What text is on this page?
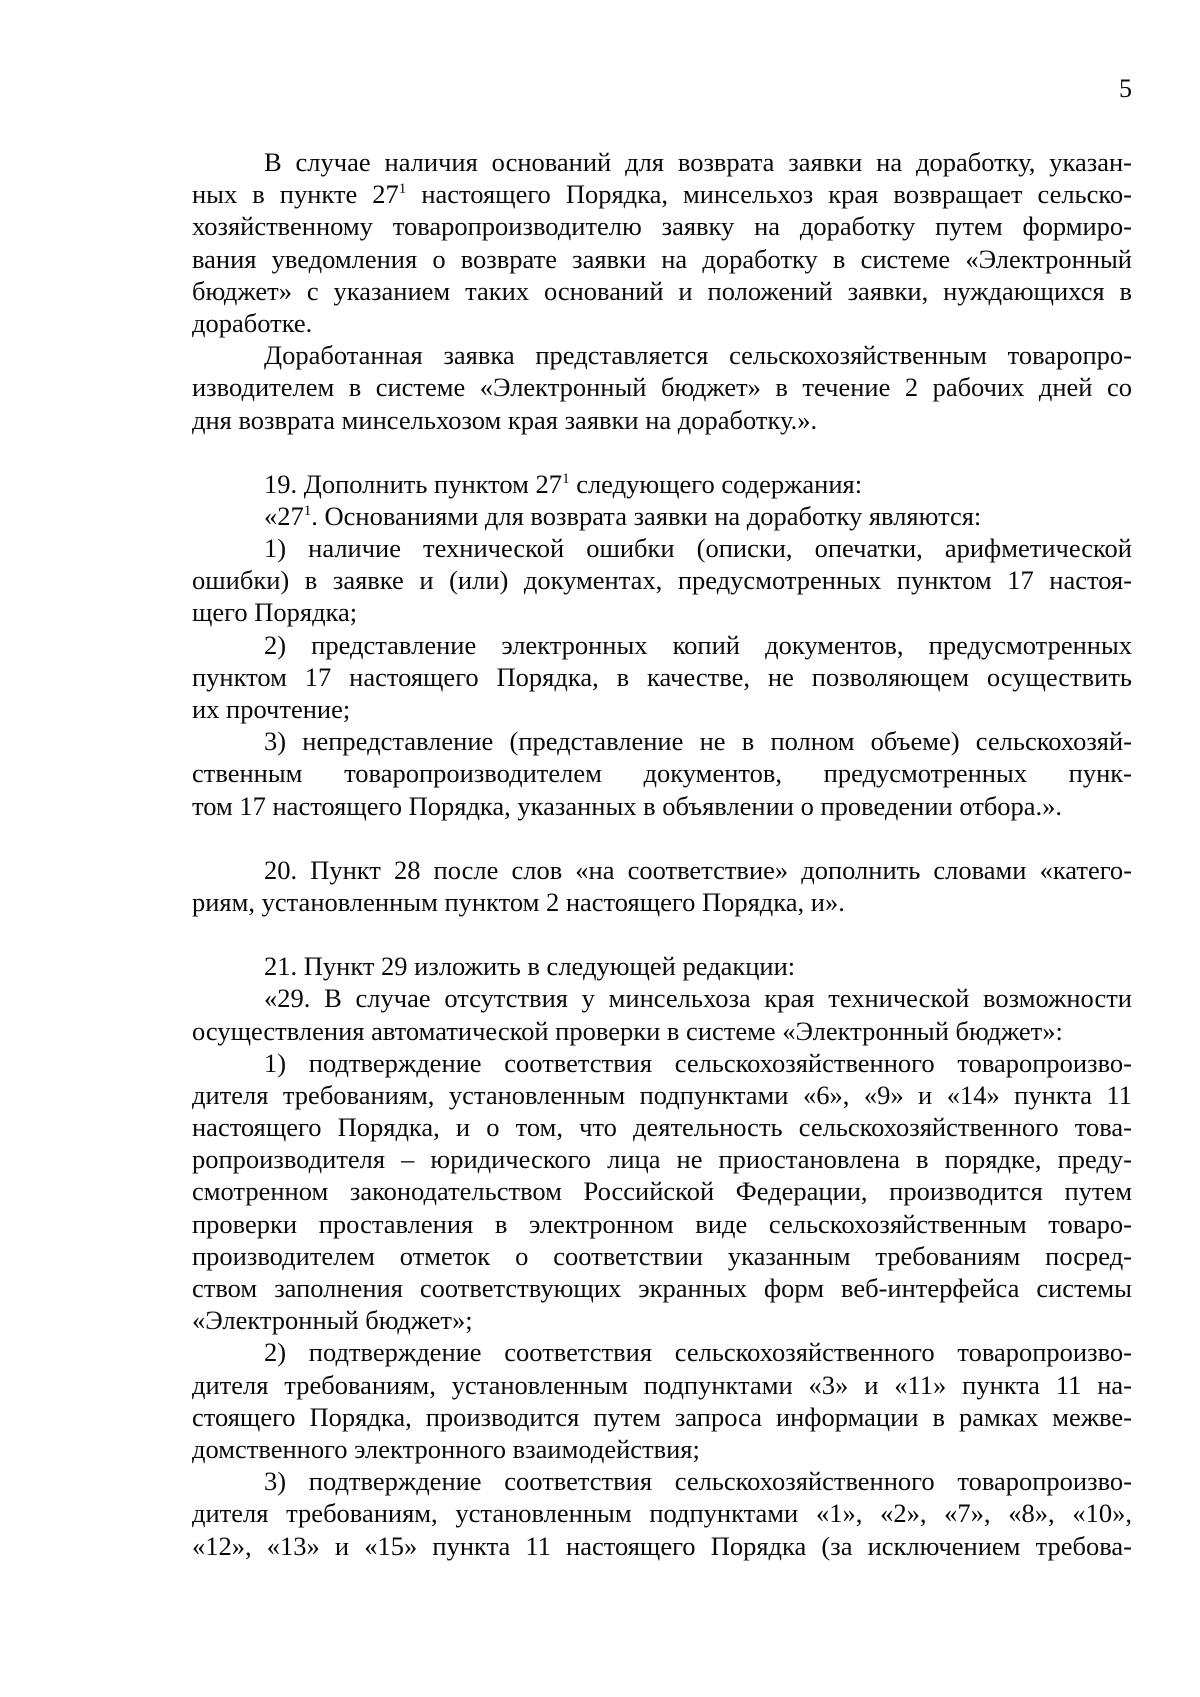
5
В случае наличия оснований для возврата заявки на доработку, указан-
ных в пункте $27^1$ настоящего Порядка, минсельхоз края возвращает сельско-
хозяйственному товаропроизводителю заявку на доработку путем формиро-
вания уведомления о возврате заявки на доработку в системе «Электронный
бюджет» с указанием таких оснований и положений заявки, нуждающихся в
доработке.
Доработанная заявка представляется сельскохозяйственным товаропро-
изводителем в системе «Электронный бюджет» в течение 2 рабочих дней со
дня возврата минсельхозом края заявки на доработку.».
19. Дополнить пунктом $27^1$ следующего содержания:
«$27^1$. Основаниями для возврата заявки на доработку являются:
1) наличие технической ошибки (описки, опечатки, арифметической
ошибки) в заявке и (или) документах, предусмотренных пунктом 17 настоя-
щего Порядка;
2) представление электронных копий документов, предусмотренных
пунктом 17 настоящего Порядка, в качестве, не позволяющем осуществить
их прочтение;
3) непредставление (представление не в полном объеме) сельскохозяй-
ственным товаропроизводителем документов, предусмотренных пунк-
том 17 настоящего Порядка, указанных в объявлении о проведении отбора.».
20. Пункт 28 после слов «на соответствие» дополнить словами «катего-
риям, установленным пунктом 2 настоящего Порядка, и».
21. Пункт 29 изложить в следующей редакции:
«29. В случае отсутствия у минсельхоза края технической возможности
осуществления автоматической проверки в системе «Электронный бюджет»:
1) подтверждение соответствия сельскохозяйственного товаропроизво-
дителя требованиям, установленным подпунктами «6», «9» и «14» пункта 11
настоящего Порядка, и о том, что деятельность сельскохозяйственного това-
ропроизводителя – юридического лица не приостановлена в порядке, преду-
смотренном законодательством Российской Федерации, производится путем
проверки проставления в электронном виде сельскохозяйственным товаро-
производителем отметок о соответствии указанным требованиям посред-
ством заполнения соответствующих экранных форм веб-интерфейса системы
«Электронный бюджет»;
2) подтверждение соответствия сельскохозяйственного товаропроизво-
дителя требованиям, установленным подпунктами «3» и «11» пункта 11 на-
стоящего Порядка, производится путем запроса информации в рамках межве-
домственного электронного взаимодействия;
3) подтверждение соответствия сельскохозяйственного товаропроизво-
дителя требованиям, установленным подпунктами «1», «2», «7», «8», «10»,
«12», «13» и «15» пункта 11 настоящего Порядка (за исключением требова-
